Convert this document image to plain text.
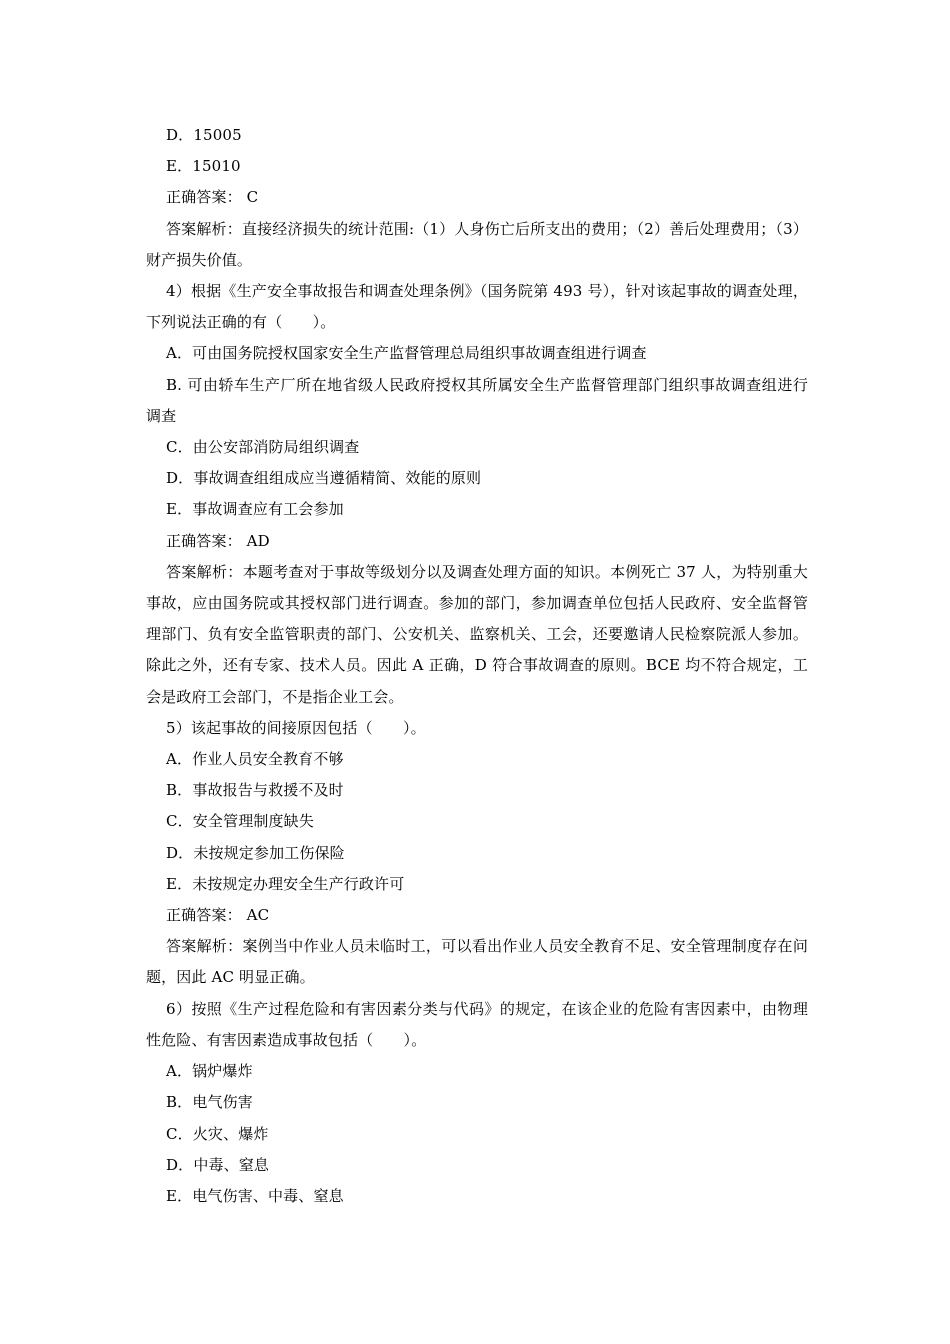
D．15005

E．15010

正确答案： C

答案解析：直接经济损失的统计范围:（1）人身伤亡后所支出的费用；（2）善后处理费用；（3）财产损失价值。

4）根据《生产安全事故报告和调查处理条例》（国务院第 493 号），针对该起事故的调查处理，下列说法正确的有（　　）。

A．可由国务院授权国家安全生产监督管理总局组织事故调查组进行调查

B. 可由轿车生产厂所在地省级人民政府授权其所属安全生产监督管理部门组织事故调查组进行调查

C．由公安部消防局组织调查

D．事故调查组组成应当遵循精简、效能的原则

E．事故调查应有工会参加

正确答案： AD

答案解析：本题考查对于事故等级划分以及调查处理方面的知识。本例死亡 37 人，为特别重大事故，应由国务院或其授权部门进行调查。参加的部门，参加调查单位包括人民政府、安全监督管理部门、负有安全监管职责的部门、公安机关、监察机关、工会，还要邀请人民检察院派人参加。除此之外，还有专家、技术人员。因此 A 正确，D 符合事故调查的原则。BCE 均不符合规定，工会是政府工会部门，不是指企业工会。

5）该起事故的间接原因包括（　　）。

A．作业人员安全教育不够

B．事故报告与救援不及时

C．安全管理制度缺失

D．未按规定参加工伤保险

E．未按规定办理安全生产行政许可

正确答案： AC

答案解析：案例当中作业人员未临时工，可以看出作业人员安全教育不足、安全管理制度存在问题，因此 AC 明显正确。

6）按照《生产过程危险和有害因素分类与代码》的规定，在该企业的危险有害因素中，由物理性危险、有害因素造成事故包括（　　）。

A．锅炉爆炸

B．电气伤害

C．火灾、爆炸

D．中毒、窒息

E．电气伤害、中毒、窒息
